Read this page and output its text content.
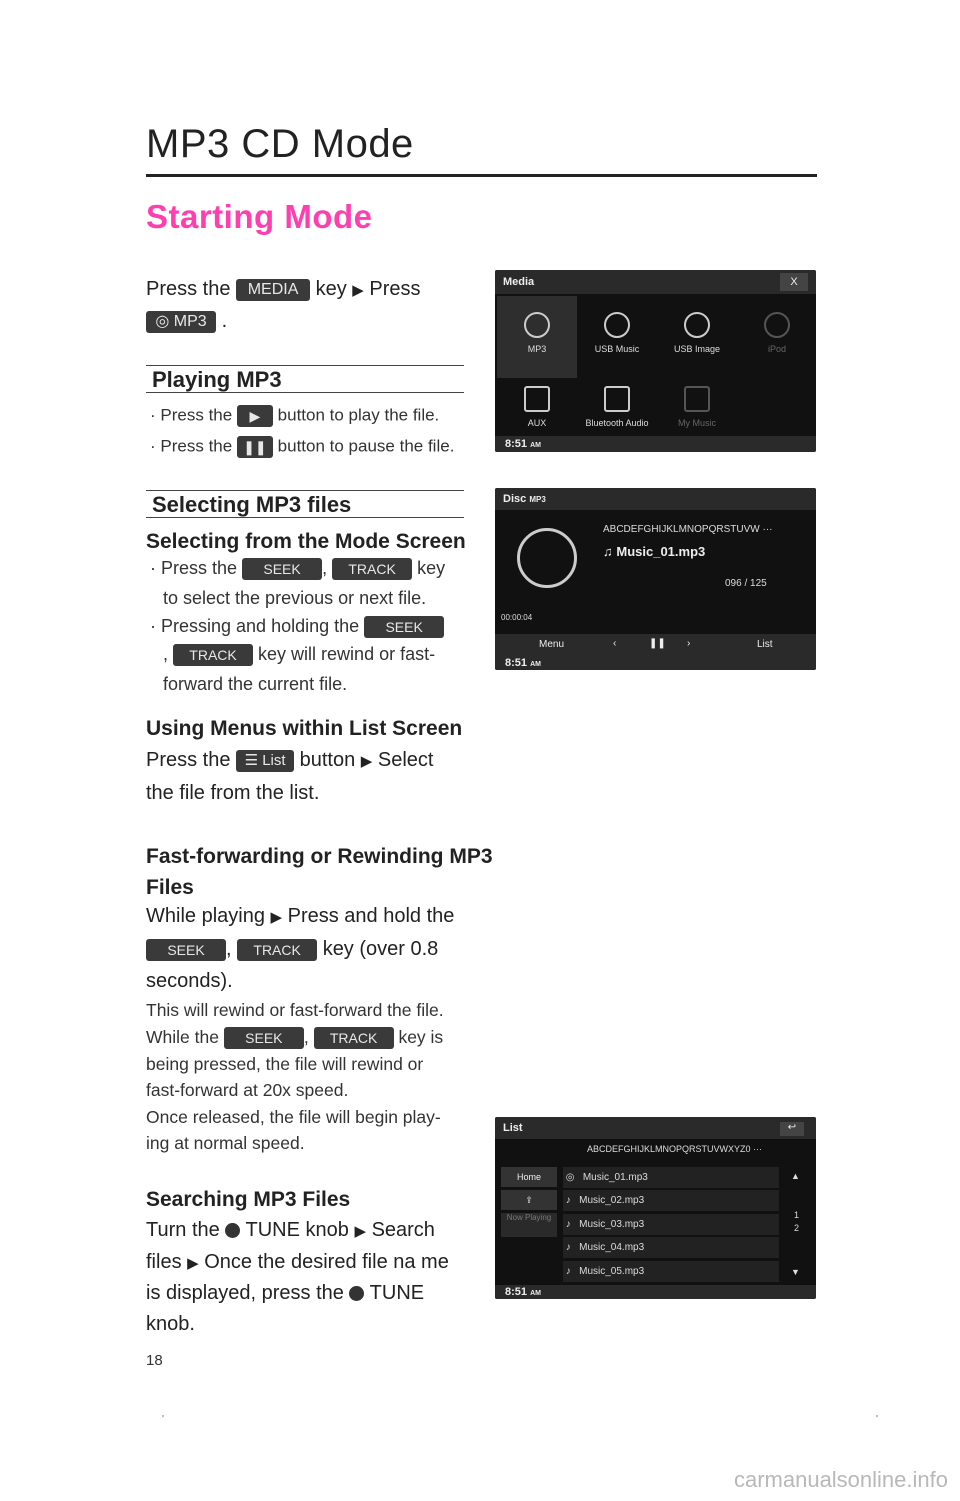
MP3 CD Mode
Starting Mode
Press the MEDIA key ▶ Press
◎ MP3 .
Playing MP3
· Press the ▶ button to play the file.
· Press the ❚❚ button to pause the file.
Selecting MP3 files
Selecting from the Mode Screen
· Press the SEEK , TRACK key
to select the previous or next file.
· Pressing and holding the SEEK
, TRACK key will rewind or fast-
forward the current file.
Using Menus within List Screen
Press the ☰ List button ▶ Select
the file from the list.
Fast-forwarding or Rewinding MP3
Files
While playing ▶ Press and hold the
SEEK , TRACK key (over 0.8
seconds).
This will rewind or fast-forward the file.
While the SEEK , TRACK key is
being pressed, the file will rewind or
fast-forward at 20x speed.
Once released, the file will begin play-
ing at normal speed.
Searching MP3 Files
Turn the TUNE knob ▶ Search
files ▶ Once the desired file na me
is displayed, press the TUNE
knob.
Media	X
MP3	USB Music	USB Image	iPod
AUX	Bluetooth Audio	My Music
8:51 AM
Disc MP3
ABCDEFGHIJKLMNOPQRSTUVW ···
♫ Music_01.mp3
096 / 125
00:00:04
Menu	‹	❚❚ ›	List
8:51 AM
List	↩
ABCDEFGHIJKLMNOPQRSTUVWXYZ0 ···
Home
⇪
Now Playing
◎   Music_01.mp3
♪   Music_02.mp3
♪   Music_03.mp3
♪   Music_04.mp3
♪   Music_05.mp3
▲
1
2
▼
8:51 AM
18
'	'
carmanualsonline.info
